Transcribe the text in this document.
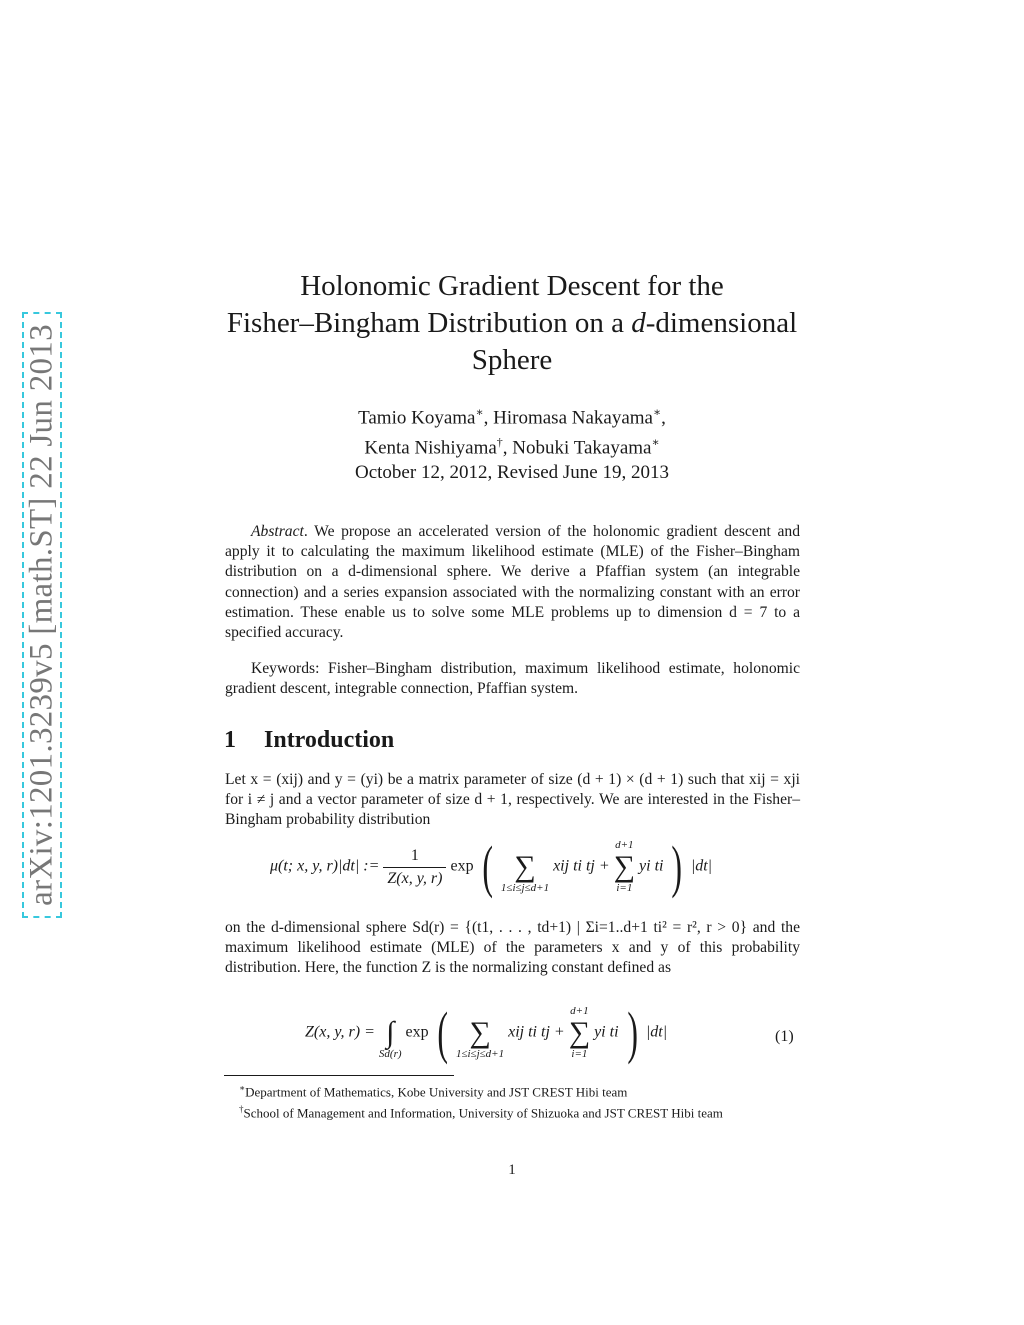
arXiv:1201.3239v5 [math.ST] 22 Jun 2013
Holonomic Gradient Descent for the
Fisher–Bingham Distribution on a d-dimensional
Sphere
Tamio Koyama∗, Hiromasa Nakayama∗,
Kenta Nishiyama†, Nobuki Takayama∗
October 12, 2012, Revised June 19, 2013

Abstract. We propose an accelerated version of the holonomic gradient descent and apply it to calculating the maximum likelihood estimate (MLE) of the Fisher–Bingham distribution on a d-dimensional sphere. We derive a Pfaffian system (an integrable connection) and a series expansion associated with the normalizing constant with an error estimation. These enable us to solve some MLE problems up to dimension d = 7 to a specified accuracy.

Keywords: Fisher–Bingham distribution, maximum likelihood estimate, holonomic gradient descent, integrable connection, Pfaffian system.

1 Introduction

Let x = (xij) and y = (yi) be a matrix parameter of size (d + 1) × (d + 1) such that xij = xji for i ≠ j and a vector parameter of size d + 1, respectively. We are interested in the Fisher–Bingham probability distribution

μ(t; x, y, r)|dt| := $\frac{1}{Z(x, y, r)}$ exp (
∑
1≤i≤j≤d+1
xij ti tj +
d+1
∑
i=1
yi ti ) |dt|

on the d-dimensional sphere Sd(r) = {(t1, . . . , td+1) | Σi=1..d+1 ti² = r², r > 0} and the maximum likelihood estimate (MLE) of the parameters x and y of this probability distribution. Here, the function Z is the normalizing constant defined as

Z(x, y, r) =
∫
Sd(r)
exp (
∑
1≤i≤j≤d+1
xij ti tj +
d+1
∑
i=1
yi ti ) |dt|	(1)
∗Department of Mathematics, Kobe University and JST CREST Hibi team
†School of Management and Information, University of Shizuoka and JST CREST Hibi team
1
